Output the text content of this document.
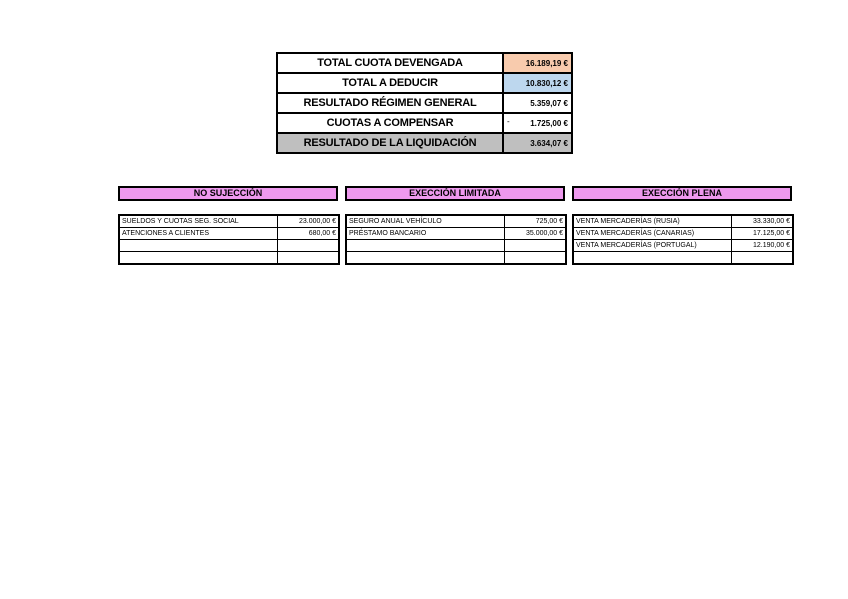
TOTAL CUOTA DEVENGADA	16.189,19 €
TOTAL A DEDUCIR	10.830,12 €
RESULTADO RÉGIMEN GENERAL	5.359,07 €
CUOTAS A COMPENSAR	- 1.725,00 €
RESULTADO DE LA LIQUIDACIÓN	3.634,07 €
NO SUJECCIÓN	EXECCIÓN LIMITADA	EXECCIÓN PLENA
SUELDOS Y CUOTAS SEG. SOCIAL	23.000,00 €
ATENCIONES A CLIENTES	680,00 €

SEGURO ANUAL VEHÍCULO	725,00 €
PRÉSTAMO BANCARIO	35.000,00 €

VENTA MERCADERÍAS (RUSIA)	33.330,00 €
VENTA MERCADERÍAS (CANARIAS)	17.125,00 €
VENTA MERCADERÍAS (PORTUGAL)	12.190,00 €
